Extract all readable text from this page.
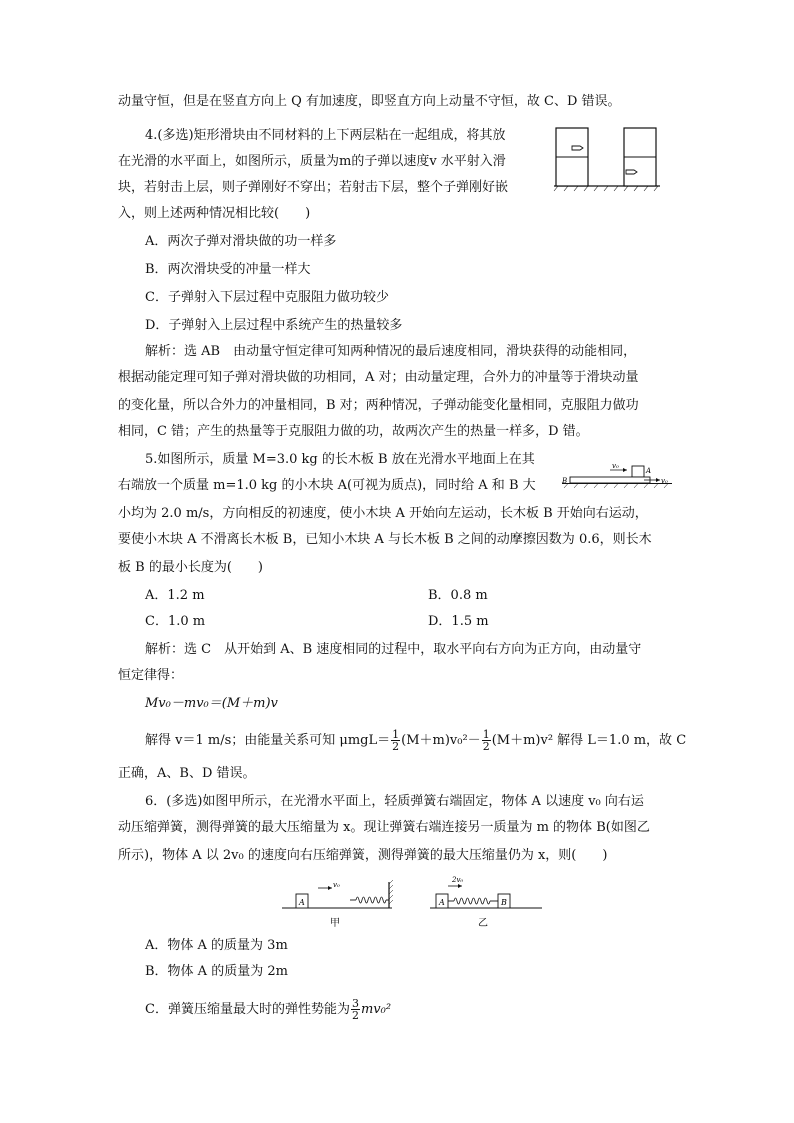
动量守恒，但是在竖直方向上 Q 有加速度，即竖直方向上动量不守恒，故 C、D 错误。
4.(多选)矩形滑块由不同材料的上下两层粘在一起组成，将其放
在光滑的水平面上，如图所示，质量为m的子弹以速度v 水平射入滑
块，若射击上层，则子弹刚好不穿出；若射击下层，整个子弹刚好嵌
入，则上述两种情况相比较(　　)
A．两次子弹对滑块做的功一样多
B．两次滑块受的冲量一样大
C．子弹射入下层过程中克服阻力做功较少
D．子弹射入上层过程中系统产生的热量较多
解析：选 AB　由动量守恒定律可知两种情况的最后速度相同，滑块获得的动能相同，
根据动能定理可知子弹对滑块做的功相同，A 对；由动量定理，合外力的冲量等于滑块动量
的变化量，所以合外力的冲量相同，B 对；两种情况，子弹动能变化量相同，克服阻力做功
相同，C 错；产生的热量等于克服阻力做的功，故两次产生的热量一样多，D 错。
5.如图所示，质量 M=3.0 kg 的长木板 B 放在光滑水平地面上在其
右端放一个质量 m=1.0 kg 的小木块 A(可视为质点)，同时给 A 和 B 大
v₀
A
B	v₀
小均为 2.0 m/s，方向相反的初速度，使小木块 A 开始向左运动，长木板 B 开始向右运动，
要使小木块 A 不滑离长木板 B，已知小木块 A 与长木板 B 之间的动摩擦因数为 0.6，则长木
板 B 的最小长度为(　　)
A．1.2 m	B．0.8 m
C．1.0 m	D．1.5 m
解析：选 C　从开始到 A、B 速度相同的过程中，取水平向右方向为正方向，由动量守
恒定律得：
Mv₀－mv₀＝(M＋m)v
解得 v＝1 m/s；由能量关系可知 $\mu mgL= \frac{1}{2} (M+m)v_0^2- \frac{1}{2} (M+m)v^2$ 解得 L＝1.0 m，故 C
正确，A、B、D 错误。
6．(多选)如图甲所示，在光滑水平面上，轻质弹簧右端固定，物体 A 以速度 v₀ 向右运
动压缩弹簧，测得弹簧的最大压缩量为 x。现让弹簧右端连接另一质量为 m 的物体 B(如图乙
所示)，物体 A 以 2v₀ 的速度向右压缩弹簧，测得弹簧的最大压缩量仍为 x，则(　　)
A
v₀
甲
A
2v₀
B
乙
A．物体 A 的质量为 3m
B．物体 A 的质量为 2m
C．弹簧压缩量最大时的弹性势能为 $\frac{3}{2} mv_0^2$
